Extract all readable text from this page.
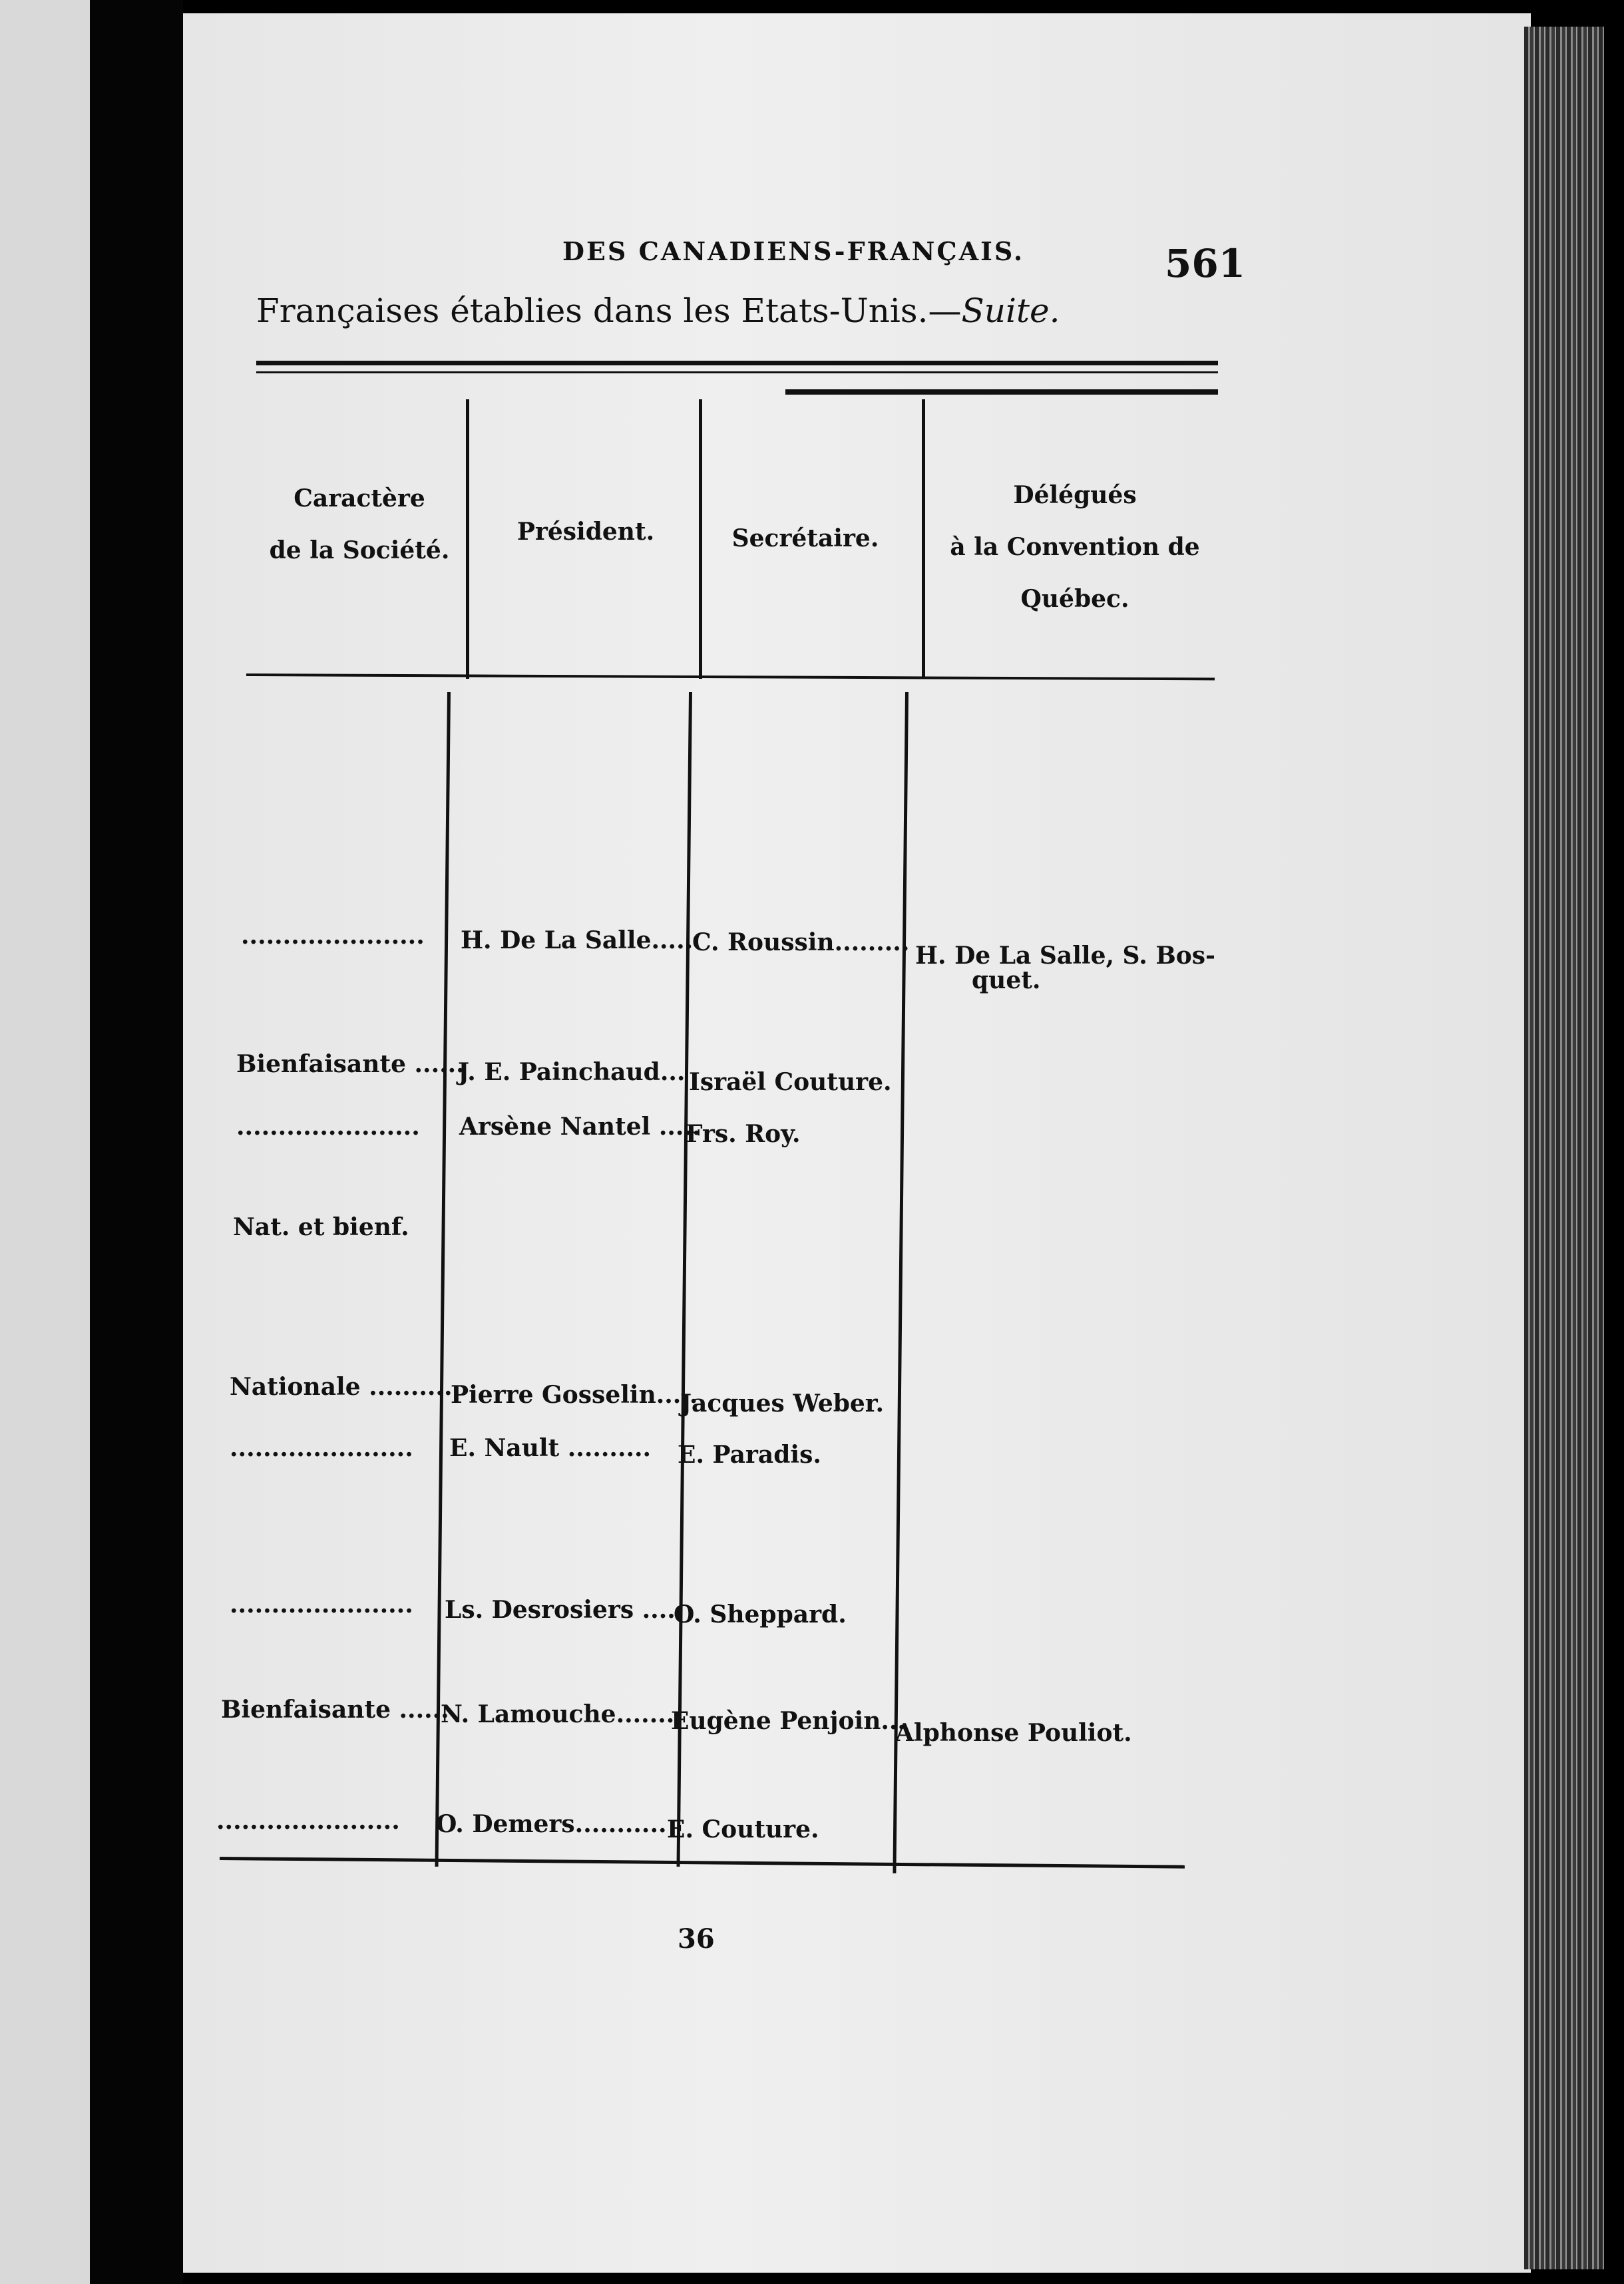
DES CANADIENS-FRANÇAIS.	561
Françaises établies dans les Etats-Unis.—Suite.
Caractère
de la Société.
Président.	Secrétaire.
Délégués
à la Convention de
Québec.
...................... H. De La Salle.....
C. Roussin......... H. De La Salle, S. Bos-
quet.
Bienfaisante ......
J. E. Painchaud... Israël Couture.
...................... Arsène Nantel .....
Frs. Roy.
Nat. et bienf.
Nationale ..........
Pierre Gosselin.....
Jacques Weber.
...................... E. Nault .......... E. Paradis.
...................... Ls. Desrosiers .....
O. Sheppard.
Bienfaisante ......
N. Lamouche.......
Eugène Penjoin...
Alphonse Pouliot.
...................... O. Demers........... E. Couture.
36
